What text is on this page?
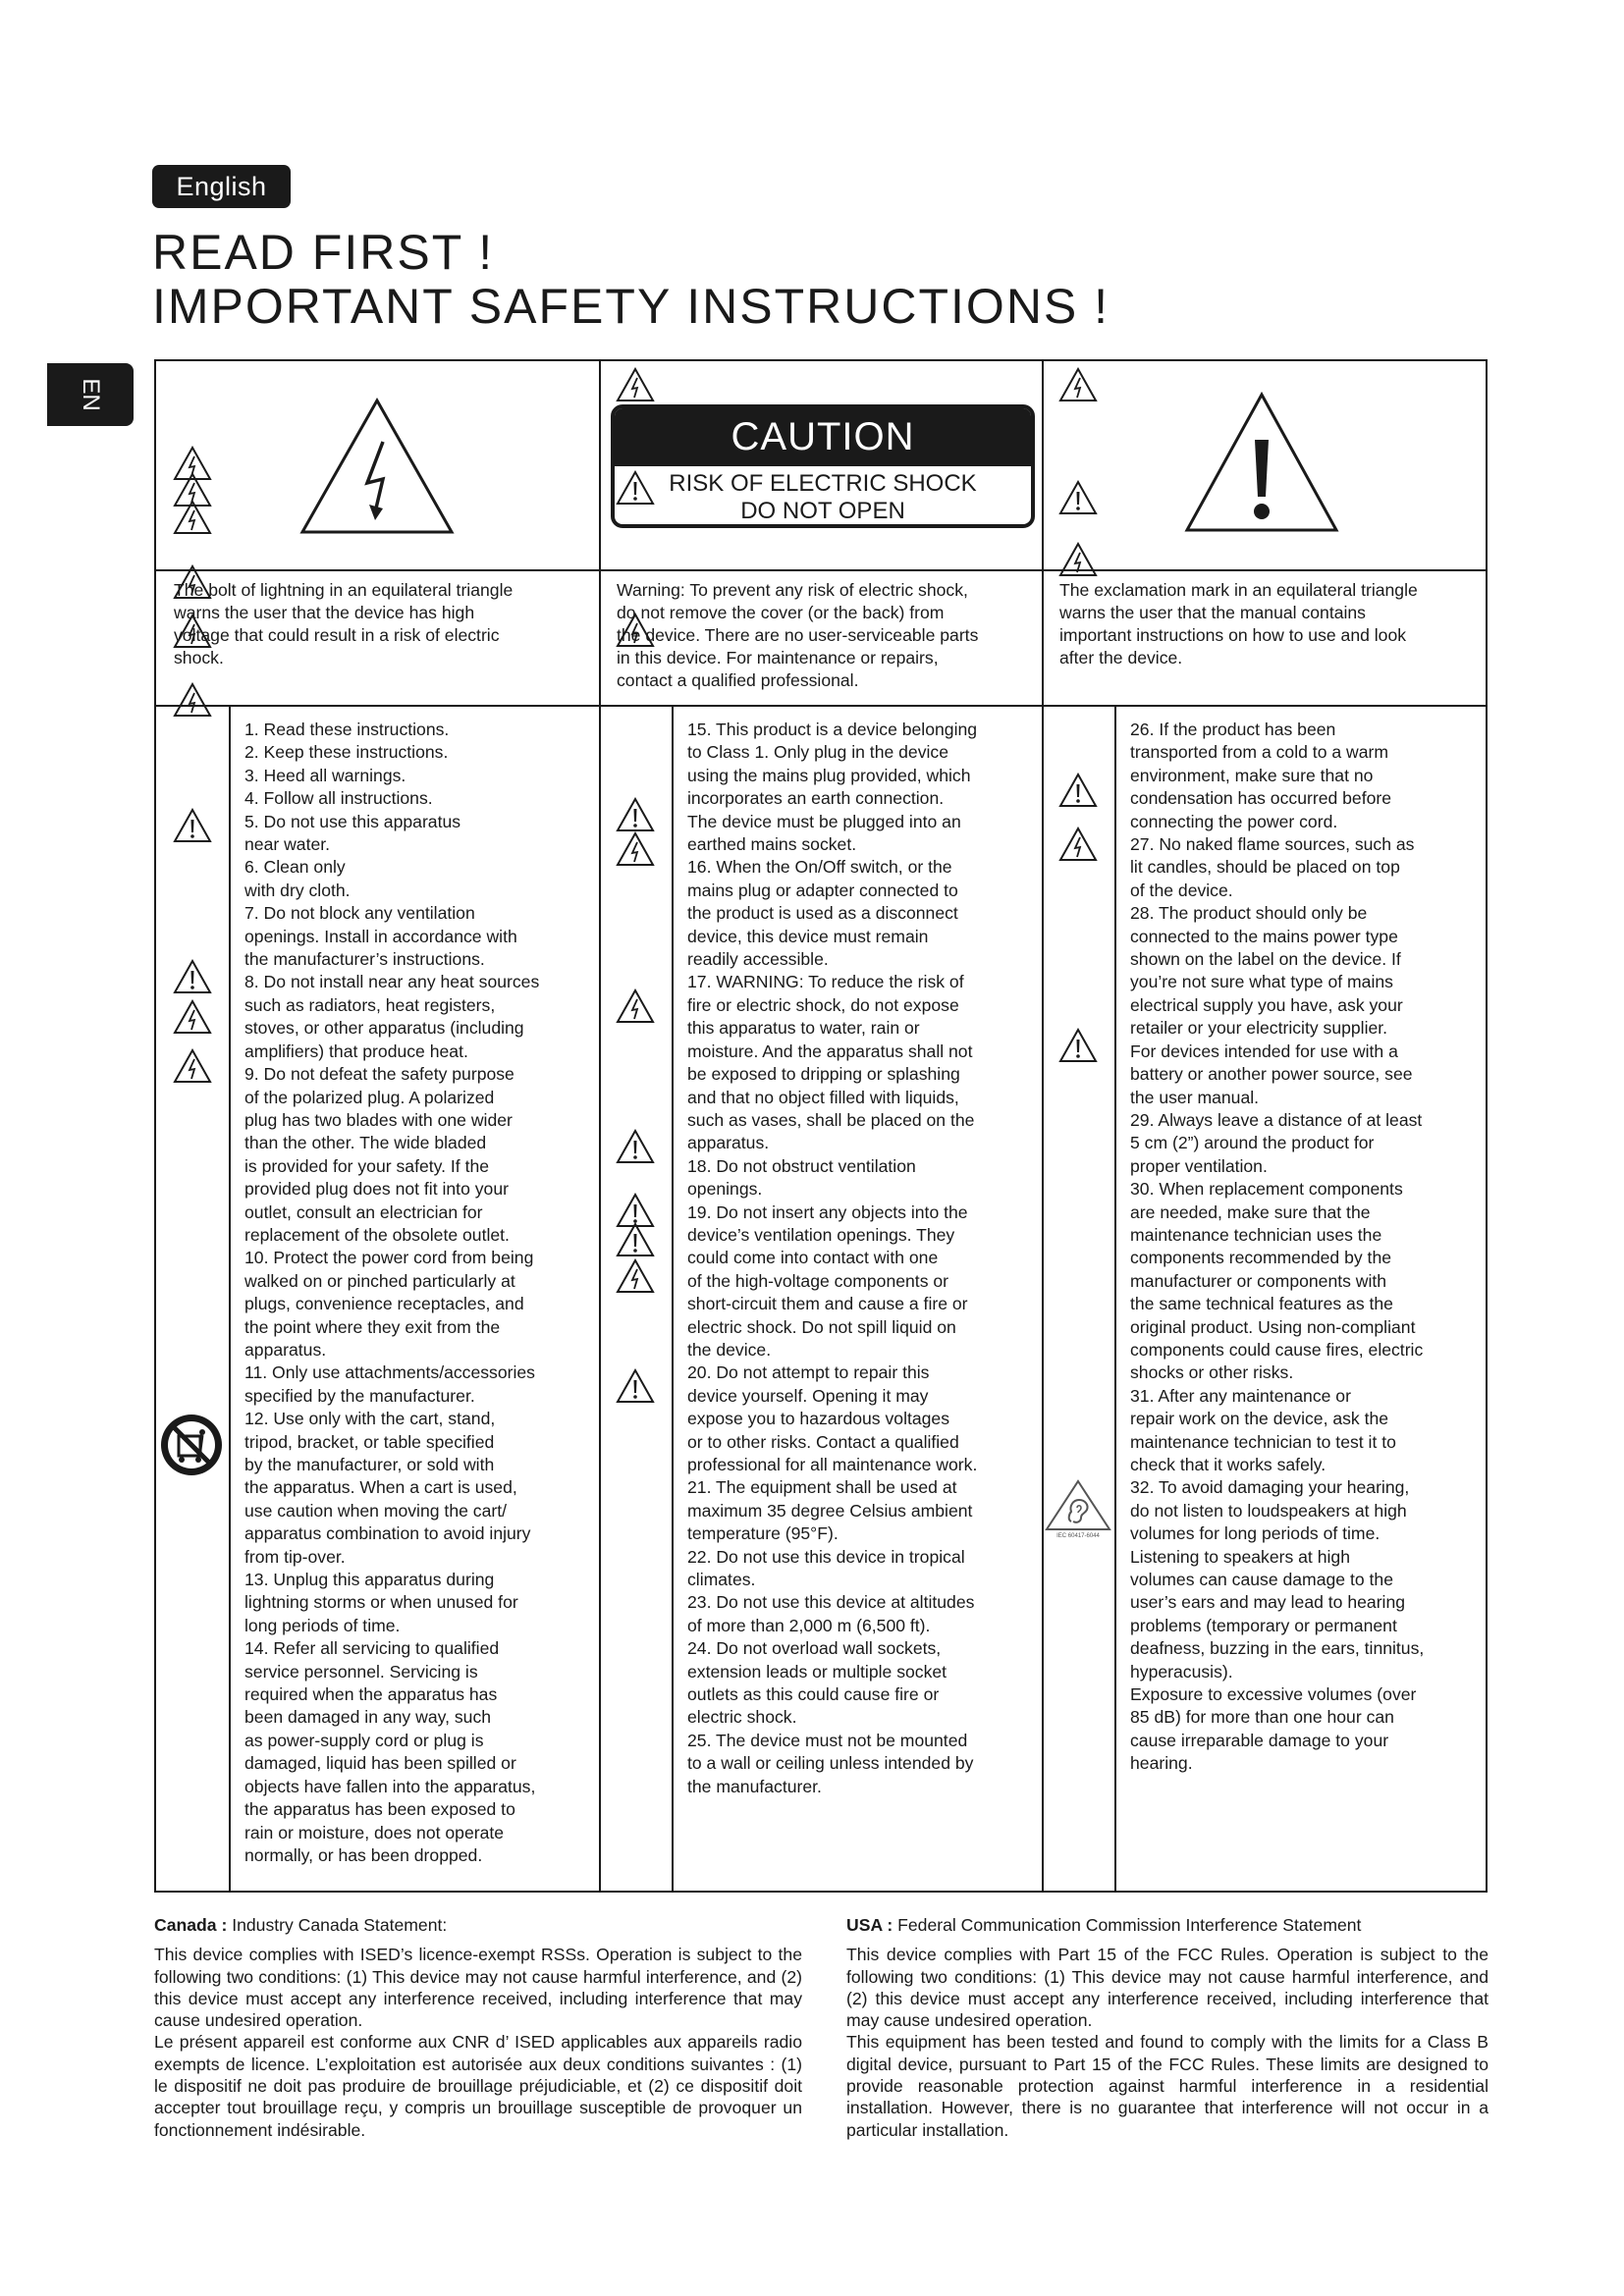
English
EN
READ FIRST !
IMPORTANT SAFETY INSTRUCTIONS !
CAUTION
RISK OF ELECTRIC SHOCK
DO NOT OPEN
The bolt of lightning in an equilateral triangle
warns the user that the device has high
voltage that could result in a risk of electric
shock.
Warning: To prevent any risk of electric shock,
do not remove the cover (or the back) from
the device. There are no user-serviceable parts
in this device. For maintenance or repairs,
contact a qualified professional.
The exclamation mark in an equilateral triangle
warns the user that the manual contains
important instructions on how to use and look
after the device.
1. Read these instructions.
2. Keep these instructions.
3. Heed all warnings.
4. Follow all instructions.
5. Do not use this apparatus
near water.
6. Clean only
with dry cloth.
7. Do not block any ventilation
openings. Install in accordance with
the manufacturer’s instructions.
8. Do not install near any heat sources
such as radiators, heat registers,
stoves, or other apparatus (including
amplifiers) that produce heat.
9. Do not defeat the safety purpose
of the polarized plug. A polarized
plug has two blades with one wider
than the other. The wide bladed
is provided for your safety. If the
provided plug does not fit into your
outlet, consult an electrician for
replacement of the obsolete outlet.
10. Protect the power cord from being
walked on or pinched particularly at
plugs, convenience receptacles, and
the point where they exit from the
apparatus.
11. Only use attachments/accessories
specified by the manufacturer.
12. Use only with the cart, stand,
tripod, bracket, or table specified
by the manufacturer, or sold with
the apparatus. When a cart is used,
use caution when moving the cart/
apparatus combination to avoid injury
from tip-over.
13. Unplug this apparatus during
lightning storms or when unused for
long periods of time.
14. Refer all servicing to qualified
service personnel. Servicing is
required when the apparatus has
been damaged in any way, such
as power-supply cord or plug is
damaged, liquid has been spilled or
objects have fallen into the apparatus,
the apparatus has been exposed to
rain or moisture, does not operate
normally, or has been dropped.
15. This product is a device belonging
to Class 1. Only plug in the device
using the mains plug provided, which
incorporates an earth connection.
The device must be plugged into an
earthed mains socket.
16. When the On/Off switch, or the
mains plug or adapter connected to
the product is used as a disconnect
device, this device must remain
readily accessible.
17. WARNING: To reduce the risk of
fire or electric shock, do not expose
this apparatus to water, rain or
moisture. And the apparatus shall not
be exposed to dripping or splashing
and that no object filled with liquids,
such as vases, shall be placed on the
apparatus.
18. Do not obstruct ventilation
openings.
19. Do not insert any objects into the
device’s ventilation openings. They
could come into contact with one
of the high-voltage components or
short-circuit them and cause a fire or
electric shock. Do not spill liquid on
the device.
20. Do not attempt to repair this
device yourself. Opening it may
expose you to hazardous voltages
or to other risks. Contact a qualified
professional for all maintenance work.
21. The equipment shall be used at
maximum 35 degree Celsius ambient
temperature (95°F).
22. Do not use this device in tropical
climates.
23. Do not use this device at altitudes
of more than 2,000 m (6,500 ft).
24. Do not overload wall sockets,
extension leads or multiple socket
outlets as this could cause fire or
electric shock.
25. The device must not be mounted
to a wall or ceiling unless intended by
the manufacturer.
26. If the product has been
transported from a cold to a warm
environment, make sure that no
condensation has occurred before
connecting the power cord.
27. No naked flame sources, such as
lit candles, should be placed on top
of the device.
28. The product should only be
connected to the mains power type
shown on the label on the device. If
you’re not sure what type of mains
electrical supply you have, ask your
retailer or your electricity supplier.
For devices intended for use with a
battery or another power source, see
the user manual.
29. Always leave a distance of at least
5 cm (2”) around the product for
proper ventilation.
30. When replacement components
are needed, make sure that the
maintenance technician uses the
components recommended by the
manufacturer or components with
the same technical features as the
original product. Using non-compliant
components could cause fires, electric
shocks or other risks.
31. After any maintenance or
repair work on the device, ask the
maintenance technician to test it to
check that it works safely.
32. To avoid damaging your hearing,
do not listen to loudspeakers at high
volumes for long periods of time.
Listening to speakers at high
volumes can cause damage to the
user’s ears and may lead to hearing
problems (temporary or permanent
deafness, buzzing in the ears, tinnitus,
hyperacusis).
Exposure to excessive volumes (over
85 dB) for more than one hour can
cause irreparable damage to your
hearing.
IEC 60417-6044

Canada : Industry Canada Statement:

This device complies with ISED’s licence-exempt RSSs. Operation is subject to the following two conditions: (1) This device may not cause harmful interference, and (2) this device must accept any interference received, including interference that may cause undesired operation.

Le présent appareil est conforme aux CNR d’ ISED applicables aux appareils radio exempts de licence. L’exploitation est autorisée aux deux conditions suivantes : (1) le dispositif ne doit pas produire de brouillage préjudiciable, et (2) ce dispositif doit accepter tout brouillage reçu, y compris un brouillage susceptible de provoquer un fonctionnement indésirable.

USA : Federal Communication Commission Interference Statement

This device complies with Part 15 of the FCC Rules. Operation is subject to the following two conditions: (1) This device may not cause harmful interference, and (2) this device must accept any interference received, including interference that may cause undesired operation.

This equipment has been tested and found to comply with the limits for a Class B digital device, pursuant to Part 15 of the FCC Rules. These limits are designed to provide reasonable protection against harmful interference in a residential installation. However, there is no guarantee that interference will not occur in a particular installation.
